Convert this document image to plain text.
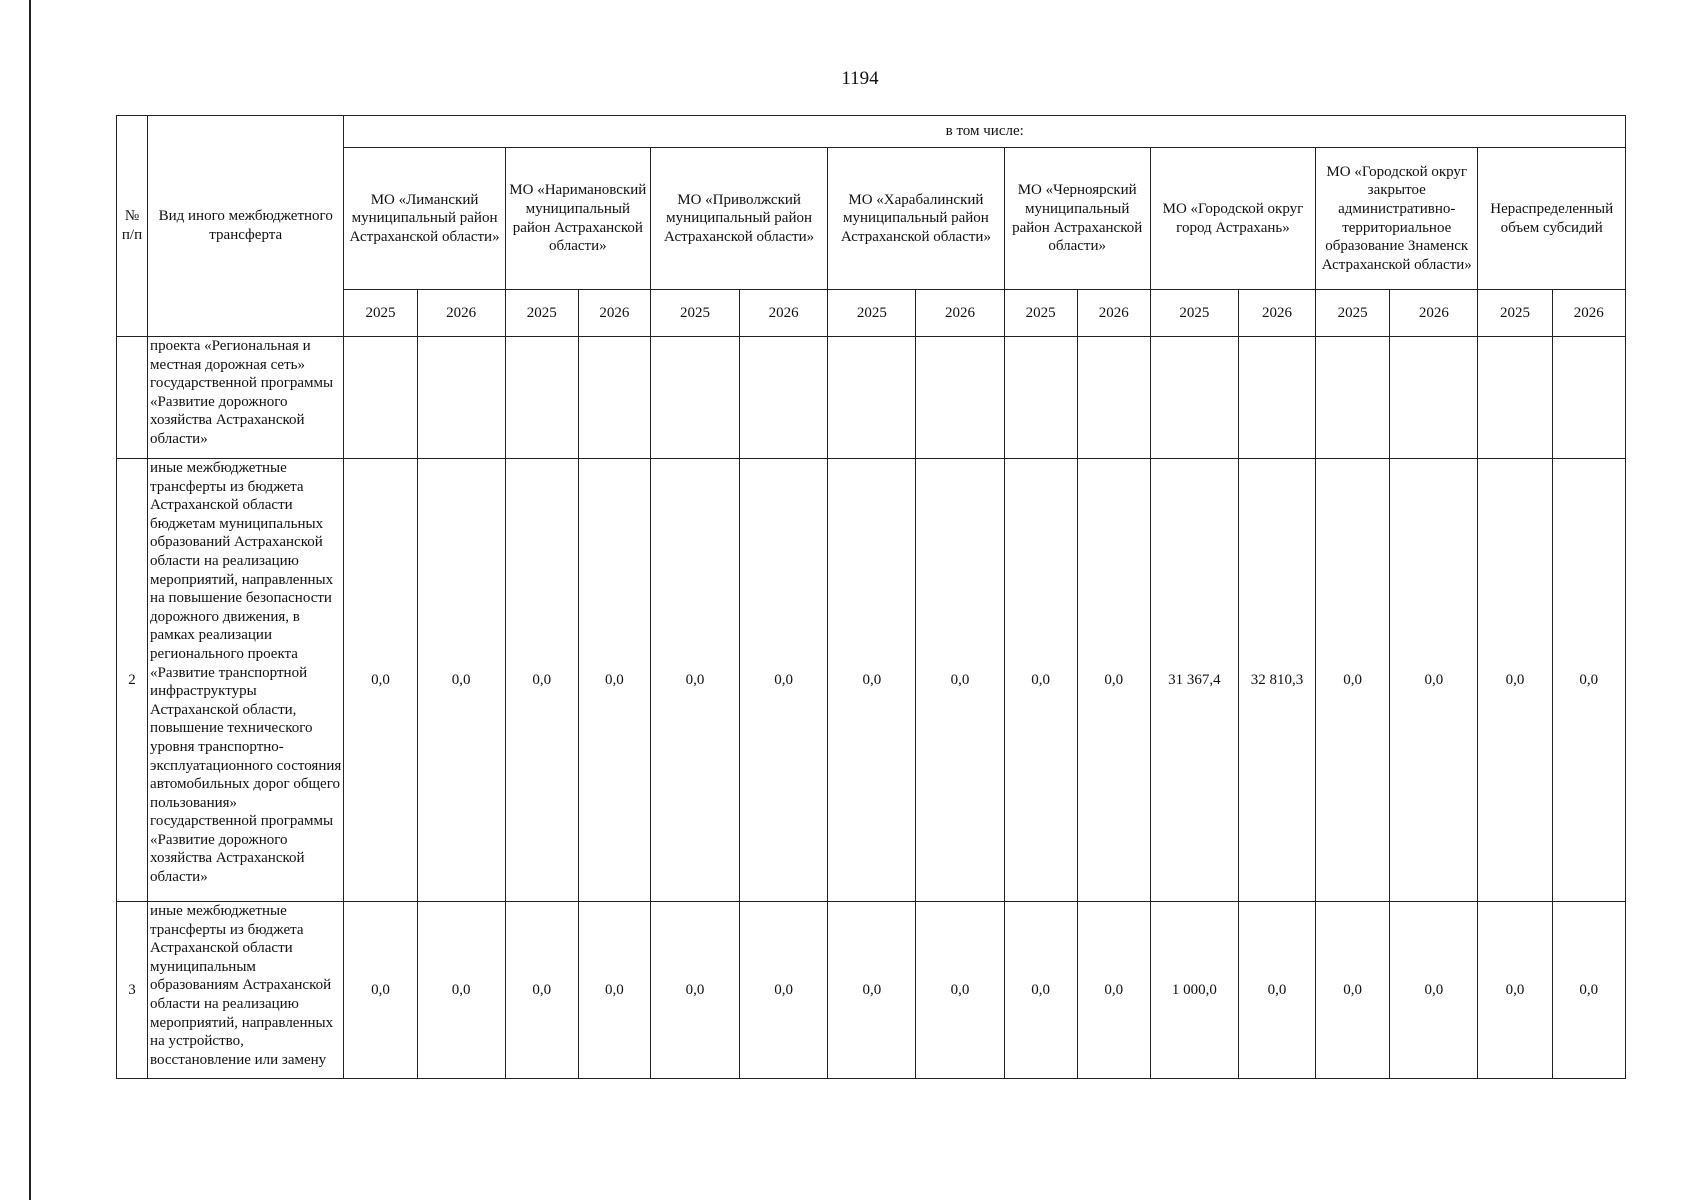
1194
№ п/п	Вид иного межбюджетного трансферта	в том числе:															
		МО «Лиманский муниципальный район Астраханской области»		МО «Наримановский муниципальный район Астраханской области»		МО «Приволжский муниципальный район Астраханской области»		МО «Харабалинский муниципальный район Астраханской области»		МО «Черноярский муниципальный район Астраханской области»		МО «Городской округ город Астрахань»		МО «Городской округ закрытое административно-территориальное образование Знаменск Астраханской области»		Нераспределенный объем субсидий	
		2025	2026	2025	2026	2025	2026	2025	2026	2025	2026	2025	2026	2025	2026	2025	2026
	проекта «Региональная и местная дорожная сеть» государственной программы «Развитие дорожного хозяйства Астраханской области»																
2	иные межбюджетные трансферты из бюджета Астраханской области бюджетам муниципальных образований Астраханской области на реализацию мероприятий, направленных на повышение безопасности дорожного движения, в рамках реализации регионального проекта «Развитие транспортной инфраструктуры Астраханской области, повышение технического уровня транспортно-эксплуатационного состояния автомобильных дорог общего пользования» государственной программы «Развитие дорожного хозяйства Астраханской области»	0,0	0,0	0,0	0,0	0,0	0,0	0,0	0,0	0,0	0,0	31 367,4	32 810,3	0,0	0,0	0,0	0,0
3	иные межбюджетные трансферты из бюджета Астраханской области муниципальным образованиям Астраханской области на реализацию мероприятий, направленных на устройство, восстановление или замену	0,0	0,0	0,0	0,0	0,0	0,0	0,0	0,0	0,0	0,0	1 000,0	0,0	0,0	0,0	0,0	0,0
